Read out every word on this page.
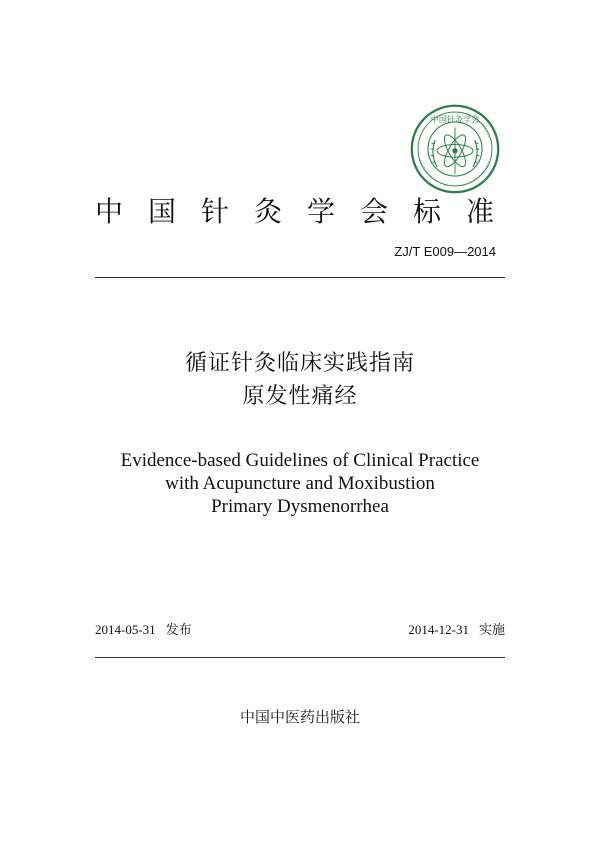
中国针灸学会
中国针灸学会标准
ZJ/T E009—2014
循证针灸临床实践指南
原发性痛经
Evidence-based Guidelines of Clinical Practice
with Acupuncture and Moxibustion
Primary Dysmenorrhea
2014-05-31 发布	2014-12-31 实施
中国中医药出版社
